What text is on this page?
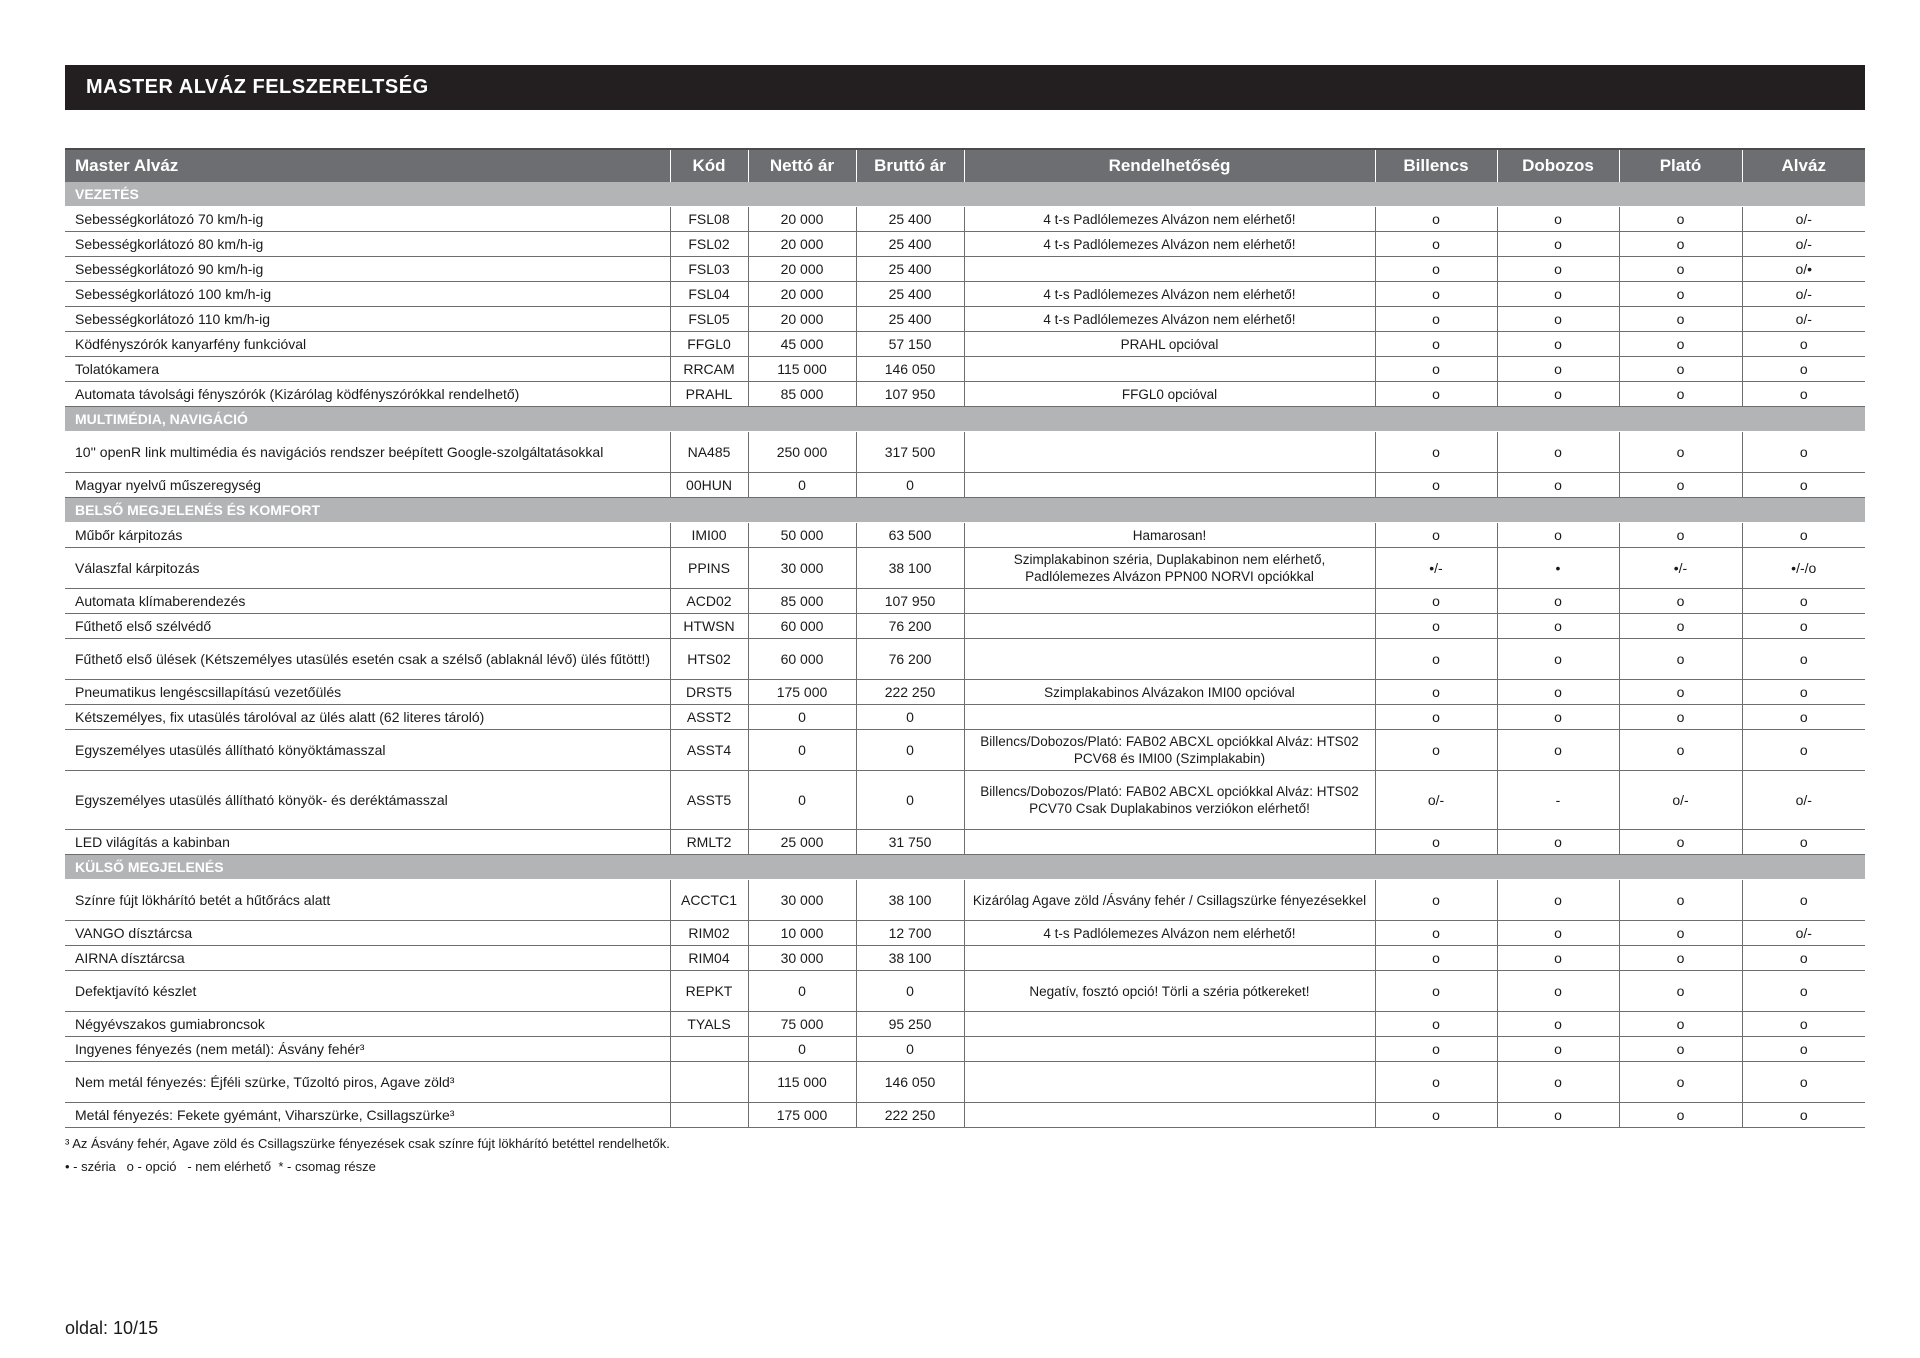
MASTER ALVÁZ FELSZERELTSÉG
Master Alváz	Kód	Nettó ár	Bruttó ár	Rendelhetőség	Billencs	Dobozos	Plató	Alváz
VEZETÉS								
Sebességkorlátozó 70 km/h-ig	FSL08	20 000	25 400	4 t-s Padlólemezes Alvázon nem elérhető!	o	o	o	o/-
Sebességkorlátozó 80 km/h-ig	FSL02	20 000	25 400	4 t-s Padlólemezes Alvázon nem elérhető!	o	o	o	o/-
Sebességkorlátozó 90 km/h-ig	FSL03	20 000	25 400		o	o	o	o/•
Sebességkorlátozó 100 km/h-ig	FSL04	20 000	25 400	4 t-s Padlólemezes Alvázon nem elérhető!	o	o	o	o/-
Sebességkorlátozó 110 km/h-ig	FSL05	20 000	25 400	4 t-s Padlólemezes Alvázon nem elérhető!	o	o	o	o/-
Ködfényszórók kanyarfény funkcióval	FFGL0	45 000	57 150	PRAHL opcióval	o	o	o	o
Tolatókamera	RRCAM	115 000	146 050		o	o	o	o
Automata távolsági fényszórók (Kizárólag ködfényszórókkal rendelhető)	PRAHL	85 000	107 950	FFGL0 opcióval	o	o	o	o
MULTIMÉDIA, NAVIGÁCIÓ								
10'' openR link multimédia és navigációs rendszer beépített Google-szolgáltatásokkal	NA485	250 000	317 500		o	o	o	o
Magyar nyelvű műszeregység	00HUN	0	0		o	o	o	o
BELSŐ MEGJELENÉS ÉS KOMFORT								
Műbőr kárpitozás	IMI00	50 000	63 500	Hamarosan!	o	o	o	o
Válaszfal kárpitozás	PPINS	30 000	38 100	Szimplakabinon széria, Duplakabinon nem elérhető, Padlólemezes Alvázon PPN00 NORVI opciókkal	•/-	•	•/-	•/-/o
Automata klímaberendezés	ACD02	85 000	107 950		o	o	o	o
Fűthető első szélvédő	HTWSN	60 000	76 200		o	o	o	o
Fűthető első ülések (Kétszemélyes utasülés esetén csak a szélső (ablaknál lévő) ülés fűtött!)	HTS02	60 000	76 200		o	o	o	o
Pneumatikus lengéscsillapítású vezetőülés	DRST5	175 000	222 250	Szimplakabinos Alvázakon IMI00 opcióval	o	o	o	o
Kétszemélyes, fix utasülés tárolóval az ülés alatt (62 literes tároló)	ASST2	0	0		o	o	o	o
Egyszemélyes utasülés állítható könyöktámasszal	ASST4	0	0	Billencs/Dobozos/Plató: FAB02 ABCXL opciókkal Alváz: HTS02 PCV68 és IMI00 (Szimplakabin)	o	o	o	o
Egyszemélyes utasülés állítható könyök- és deréktámasszal	ASST5	0	0	Billencs/Dobozos/Plató: FAB02 ABCXL opciókkal Alváz: HTS02 PCV70 Csak Duplakabinos verziókon elérhető!	o/-	-	o/-	o/-
LED világítás a kabinban	RMLT2	25 000	31 750		o	o	o	o
KÜLSŐ MEGJELENÉS								
Színre fújt lökhárító betét a hűtőrács alatt	ACCTC1	30 000	38 100	Kizárólag Agave zöld /Ásvány fehér / Csillagszürke fényezésekkel	o	o	o	o
VANGO dísztárcsa	RIM02	10 000	12 700	4 t-s Padlólemezes Alvázon nem elérhető!	o	o	o	o/-
AIRNA dísztárcsa	RIM04	30 000	38 100		o	o	o	o
Defektjavító készlet	REPKT	0	0	Negatív, fosztó opció! Törli a széria pótkereket!	o	o	o	o
Négyévszakos gumiabroncsok	TYALS	75 000	95 250		o	o	o	o
Ingyenes fényezés (nem metál): Ásvány fehér³		0	0		o	o	o	o
Nem metál fényezés: Éjféli szürke, Tűzoltó piros, Agave zöld³		115 000	146 050		o	o	o	o
Metál fényezés: Fekete gyémánt, Viharszürke, Csillagszürke³		175 000	222 250		o	o	o	o
³ Az Ásvány fehér, Agave zöld és Csillagszürke fényezések csak színre fújt lökhárító betéttel rendelhetők.
• - széria   o - opció   - nem elérhető  * - csomag része
oldal: 10/15
